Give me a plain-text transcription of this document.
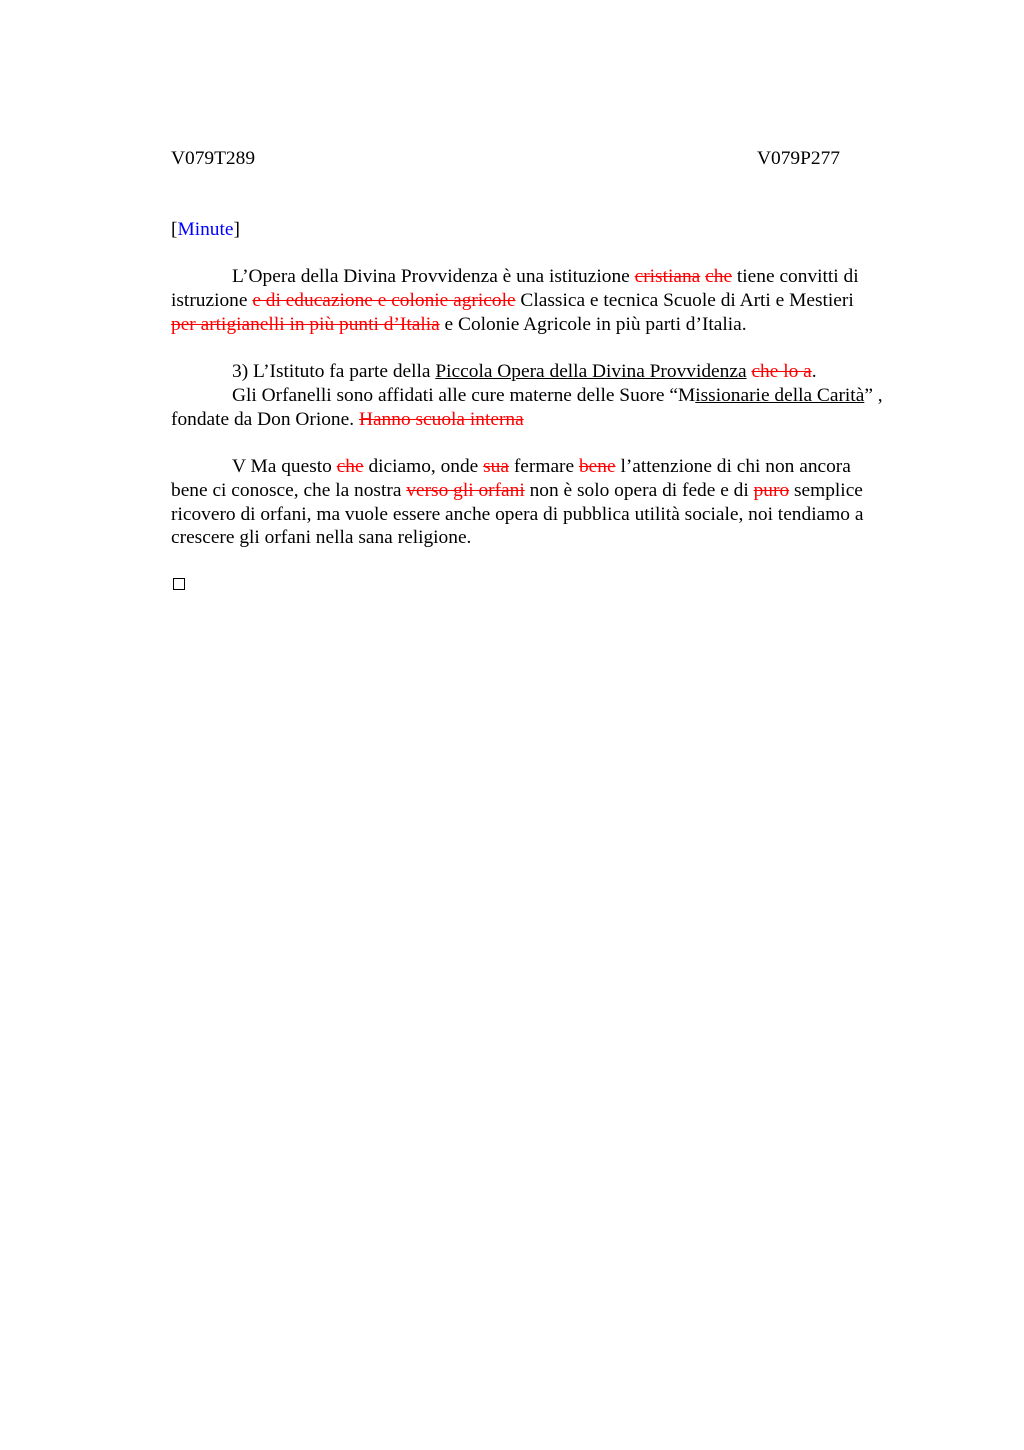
V079T289	V079P277
[Minute]

L’Opera della Divina Provvidenza è una istituzione cristiana che tiene convitti di
istruzione e di educazione e colonie agricole Classica e tecnica Scuole di Arti e Mestieri
per artigianelli in più punti d’Italia e Colonie Agricole in più parti d’Italia.

3) L’Istituto fa parte della Piccola Opera della Divina Provvidenza che lo a.
Gli Orfanelli sono affidati alle cure materne delle Suore “Missionarie della Carità” ,
fondate da Don Orione. Hanno scuola interna

V Ma questo che diciamo, onde sua fermare bene l’attenzione di chi non ancora
bene ci conosce, che la nostra verso gli orfani non è solo opera di fede e di puro semplice
ricovero di orfani, ma vuole essere anche opera di pubblica utilità sociale, noi tendiamo a
crescere gli orfani nella sana religione.
